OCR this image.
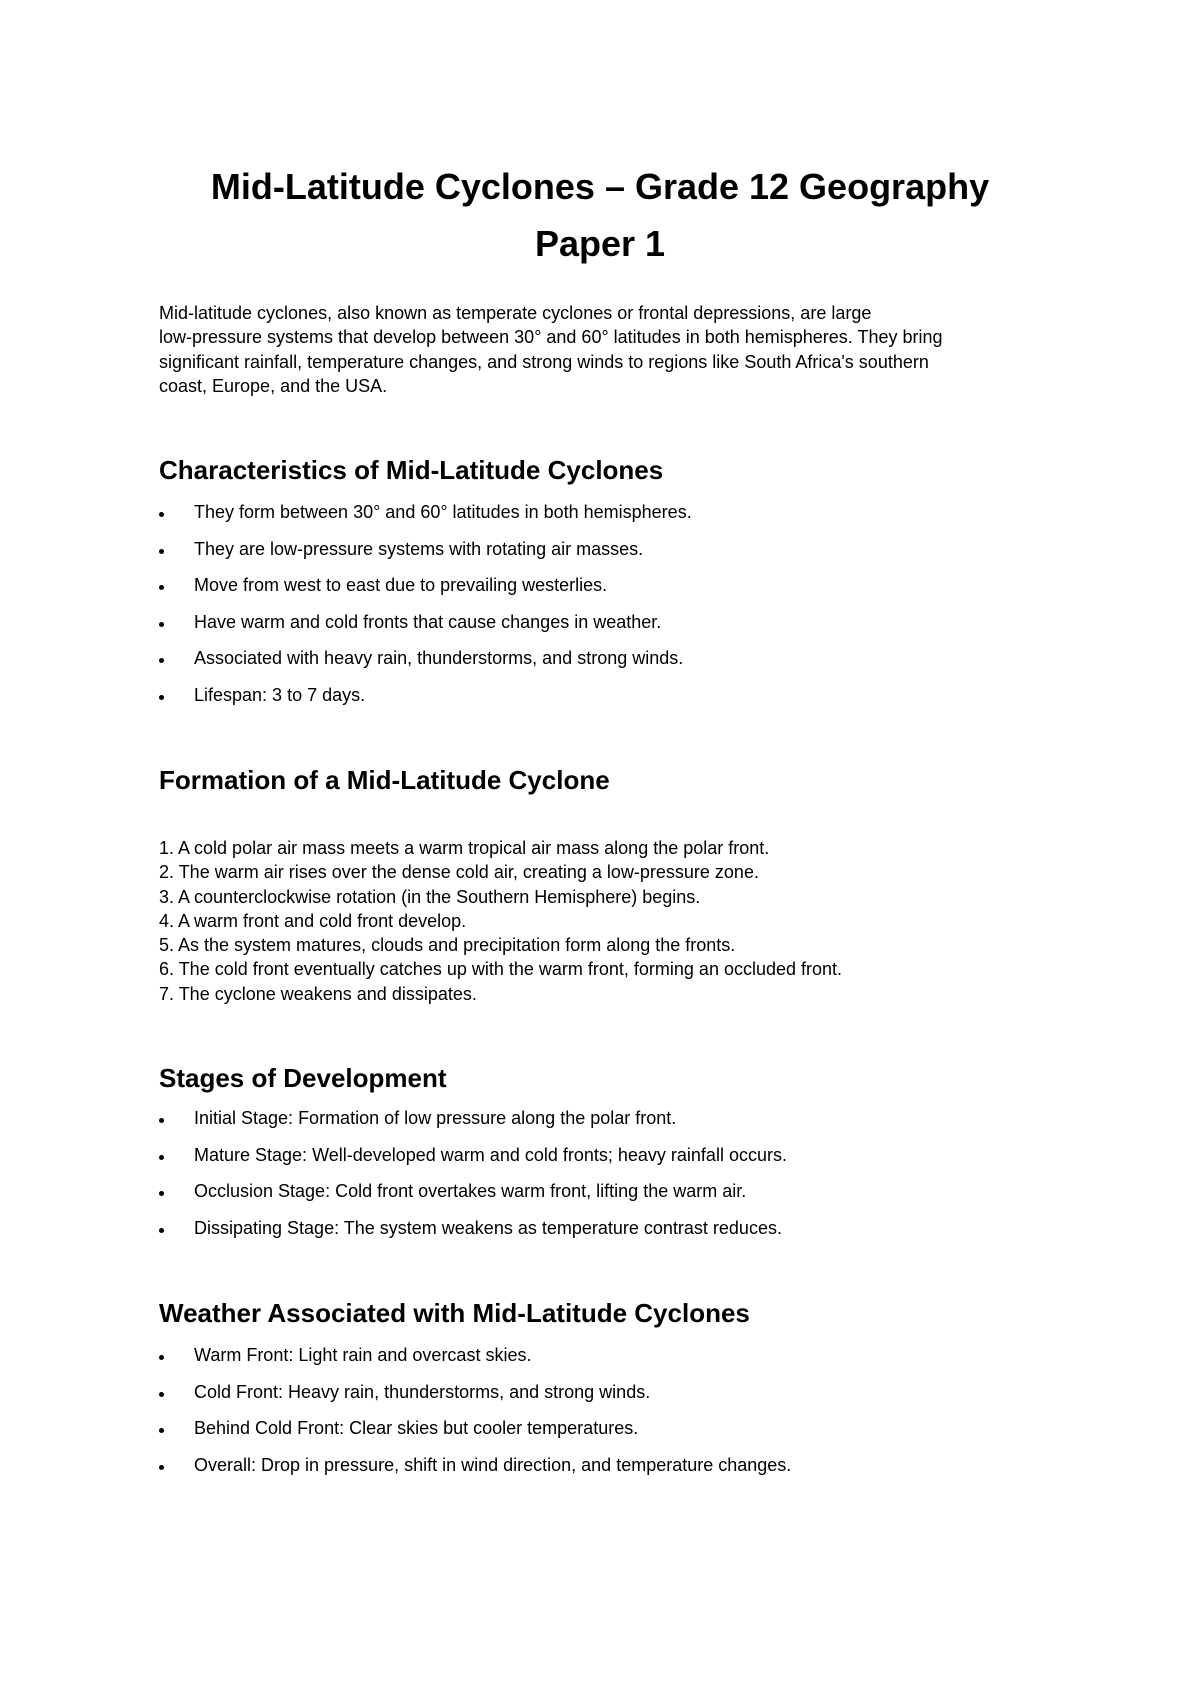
Mid-Latitude Cyclones – Grade 12 Geography
Paper 1

Mid-latitude cyclones, also known as temperate cyclones or frontal depressions, are large
low-pressure systems that develop between 30° and 60° latitudes in both hemispheres. They bring
significant rainfall, temperature changes, and strong winds to regions like South Africa's southern
coast, Europe, and the USA.

Characteristics of Mid-Latitude Cyclones
They form between 30° and 60° latitudes in both hemispheres.
They are low-pressure systems with rotating air masses.
Move from west to east due to prevailing westerlies.
Have warm and cold fronts that cause changes in weather.
Associated with heavy rain, thunderstorms, and strong winds.
Lifespan: 3 to 7 days.
Formation of a Mid-Latitude Cyclone
1. A cold polar air mass meets a warm tropical air mass along the polar front.
2. The warm air rises over the dense cold air, creating a low-pressure zone.
3. A counterclockwise rotation (in the Southern Hemisphere) begins.
4. A warm front and cold front develop.
5. As the system matures, clouds and precipitation form along the fronts.
6. The cold front eventually catches up with the warm front, forming an occluded front.
7. The cyclone weakens and dissipates.
Stages of Development
Initial Stage: Formation of low pressure along the polar front.
Mature Stage: Well-developed warm and cold fronts; heavy rainfall occurs.
Occlusion Stage: Cold front overtakes warm front, lifting the warm air.
Dissipating Stage: The system weakens as temperature contrast reduces.
Weather Associated with Mid-Latitude Cyclones
Warm Front: Light rain and overcast skies.
Cold Front: Heavy rain, thunderstorms, and strong winds.
Behind Cold Front: Clear skies but cooler temperatures.
Overall: Drop in pressure, shift in wind direction, and temperature changes.
